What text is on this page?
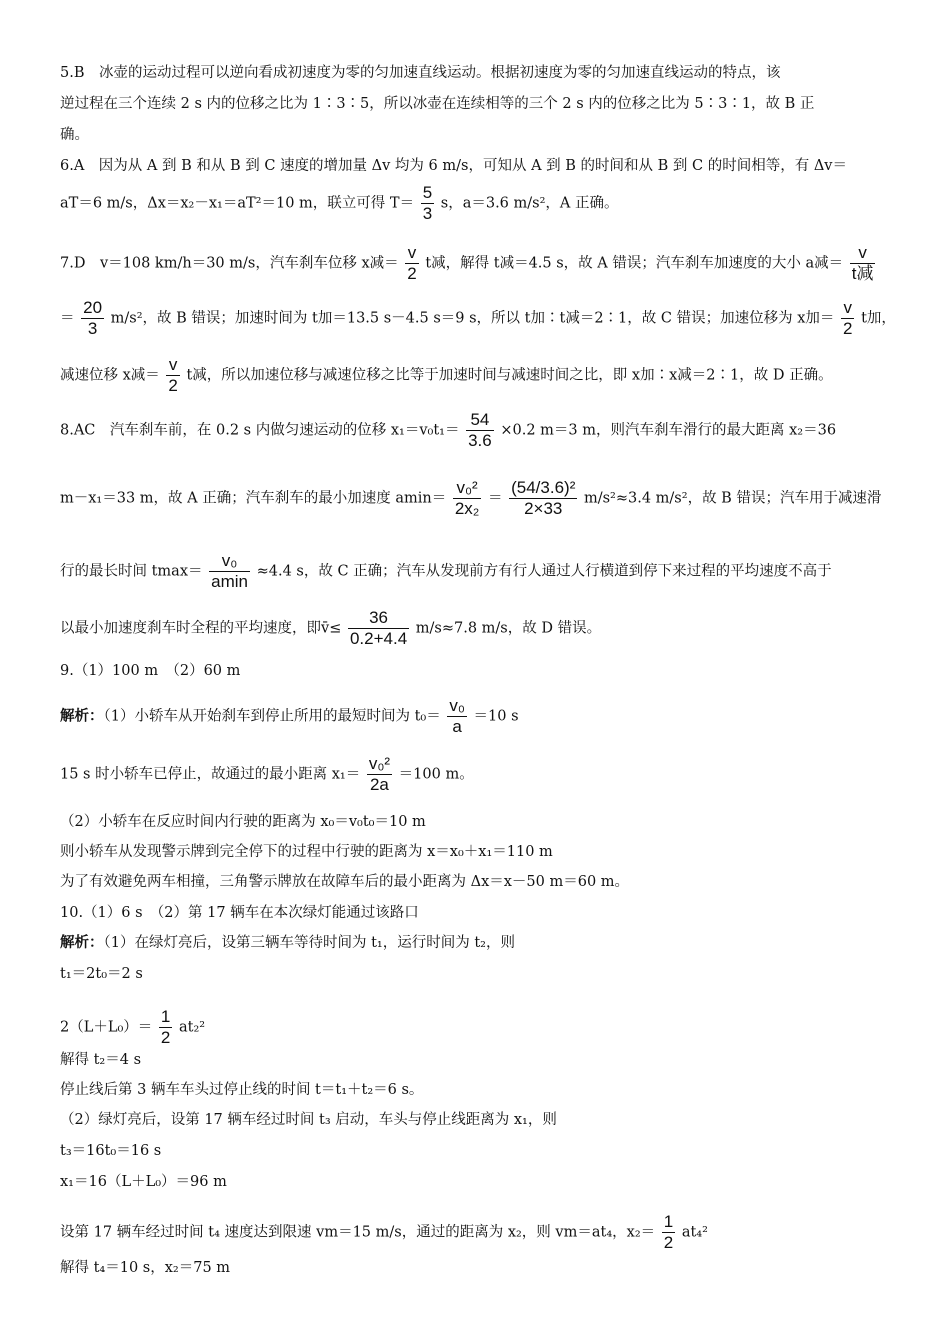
5.B　冰壶的运动过程可以逆向看成初速度为零的匀加速直线运动。根据初速度为零的匀加速直线运动的特点，该
逆过程在三个连续 2 s 内的位移之比为 1∶3∶5，所以冰壶在连续相等的三个 2 s 内的位移之比为 5∶3∶1，故 B 正
确。
6.A　因为从 A 到 B 和从 B 到 C 速度的增加量 Δv 均为 6 m/s，可知从 A 到 B 的时间和从 B 到 C 的时间相等，有 Δv＝
aT＝6 m/s，Δx＝x₂－x₁＝aT²＝10 m，联立可得 $T= \frac{5}{3}$ s，a＝3.6 m/s²，A 正确。
7.D　v＝108 km/h＝30 m/s，汽车刹车位移 x减＝ $\frac{v}{2}$ t减，解得 t减＝4.5 s，故 A 错误；汽车刹车加速度的大小 a减＝ $\frac{v}{\text{t减}}$
＝ $\frac{20}{3} m/s^2$，故 B 错误；加速时间为 t加＝13.5 s－4.5 s＝9 s，所以 t加∶t减＝2∶1，故 C 错误；加速位移为 x加＝ $\frac{v}{2}$ t加，
减速位移 x减＝ $\frac{v}{2}$ t减，所以加速位移与减速位移之比等于加速时间与减速时间之比，即 x加∶x减＝2∶1，故 D 正确。
8.AC　汽车刹车前，在 0.2 s 内做匀速运动的位移 $x_1=v_0t_1= \frac{54}{3.6} \times 0.2$ m＝3 m，则汽车刹车滑行的最大距离 x₂＝36
m－x₁＝33 m，故 A 正确；汽车刹车的最小加速度 $amin= \frac{\text{v₀²}}{\text{2x₂}} = \frac{\text{(54/3.6)²}}{2\times 33} m/s^2\approx 3.4$ m/s²，故 B 错误；汽车用于减速滑
行的最长时间 $tmax= \frac{\text{v₀}}{amin} \approx 4.4$ s，故 C 正确；汽车从发现前方有行人通过人行横道到停下来过程的平均速度不高于
以最小加速度刹车时全程的平均速度，即v̄≤ $\frac{36}{0.2+4.4} m/s\approx 7.8$ m/s，故 D 错误。
9.（1）100 m　（2）60 m
解析：（1）小轿车从开始刹车到停止所用的最短时间为 $t_0= \frac{\text{v₀}}{a} =10$ s
15 s 时小轿车已停止，故通过的最小距离 $x_1= \frac{\text{v₀²}}{2a} =100$ m。
（2）小轿车在反应时间内行驶的距离为 x₀＝v₀t₀＝10 m
则小轿车从发现警示牌到完全停下的过程中行驶的距离为 x＝x₀＋x₁＝110 m
为了有效避免两车相撞，三角警示牌放在故障车后的最小距离为 Δx＝x－50 m＝60 m。
10.（1）6 s　（2）第 17 辆车在本次绿灯能通过该路口
解析：（1）在绿灯亮后，设第三辆车等待时间为 t₁，运行时间为 t₂，则
t₁＝2t₀＝2 s
$2(L+L_0)= \frac{1}{2} at_2^2$
解得 t₂＝4 s
停止线后第 3 辆车车头过停止线的时间 t＝t₁＋t₂＝6 s。
（2）绿灯亮后，设第 17 辆车经过时间 t₃ 启动，车头与停止线距离为 x₁，则
t₃＝16t₀＝16 s
x₁＝16（L＋L₀）＝96 m
设第 17 辆车经过时间 t₄ 速度达到限速 vm＝15 m/s，通过的距离为 x₂，则 vm＝at₄，$x_2= \frac{1}{2} at_4^2$
解得 t₄＝10 s，x₂＝75 m
